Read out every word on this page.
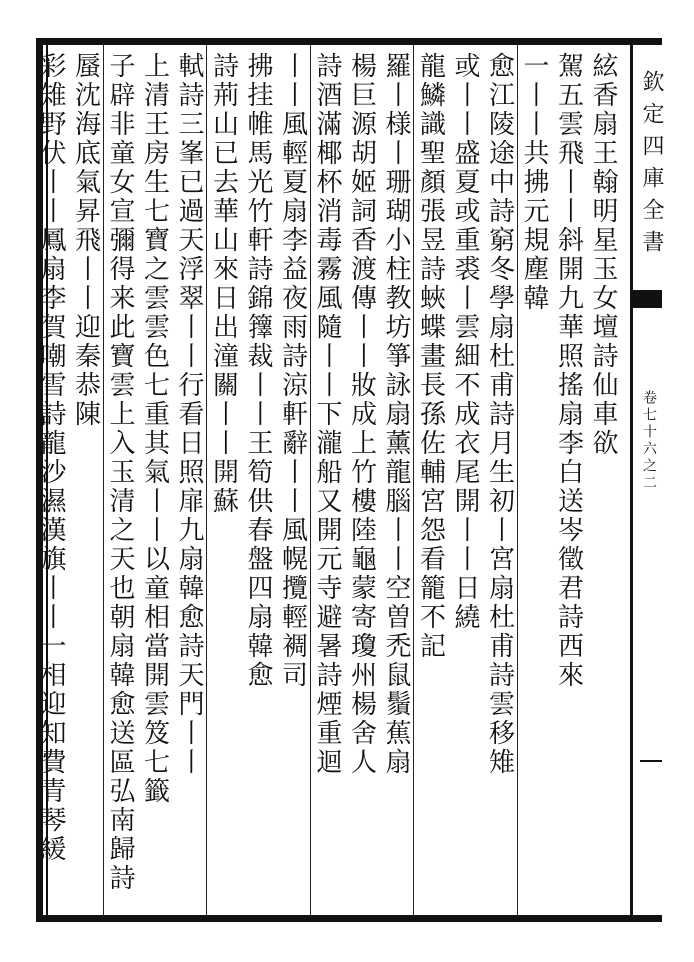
欽定四庫全書
卷七十六之二
絃香扇王翰明星玉女壇詩仙車欲
駕五雲飛丨丨斜開九華照搖扇李白送岑徵君詩西來
一丨丨共拂元規塵韓
愈江陵途中詩窮冬學扇杜甫詩月生初丨宮扇杜甫詩雲移雉
或丨丨盛夏或重裘丨雲細不成衣尾開丨丨日繞
龍鱗識聖顏張昱詩蛺蝶畫長孫佐輔宮怨看籠不記
羅丨様丨珊瑚小柱教坊箏詠扇薰龍腦丨丨空曽禿鼠鬚蕉扇
楊巨源胡姬詞香渡傳丨丨妝成上竹樓陸龜蒙寄瓊州楊舍人
詩酒滿椰杯消毒霧風隨丨丨下瀧船又開元寺避暑詩煙重迴
丨丨風輕夏扇李益夜雨詩涼軒辭丨丨風幌攬輕裯司
拂挂帷馬光竹軒詩錦籜裁丨丨王筍供春盤四扇韓愈
詩荊山已去華山來日出潼關丨丨開蘇
軾詩三峯已過天浮翠丨丨行看日照扉九扇韓愈詩天門丨丨
上清王房生七寶之雲雲色七重其氣丨丨以童相當開雲笈七籤
子辟非童女宣彌得来此寶雲上入玉清之天也朝扇韓愈送區弘南歸詩
蜃沈海底氣昇飛丨丨迎秦恭陳
彩雉野伏丨丨鳳扇李賀嘲雪詩龍沙濕漢旗丨丨一相迎知費青琴緩
